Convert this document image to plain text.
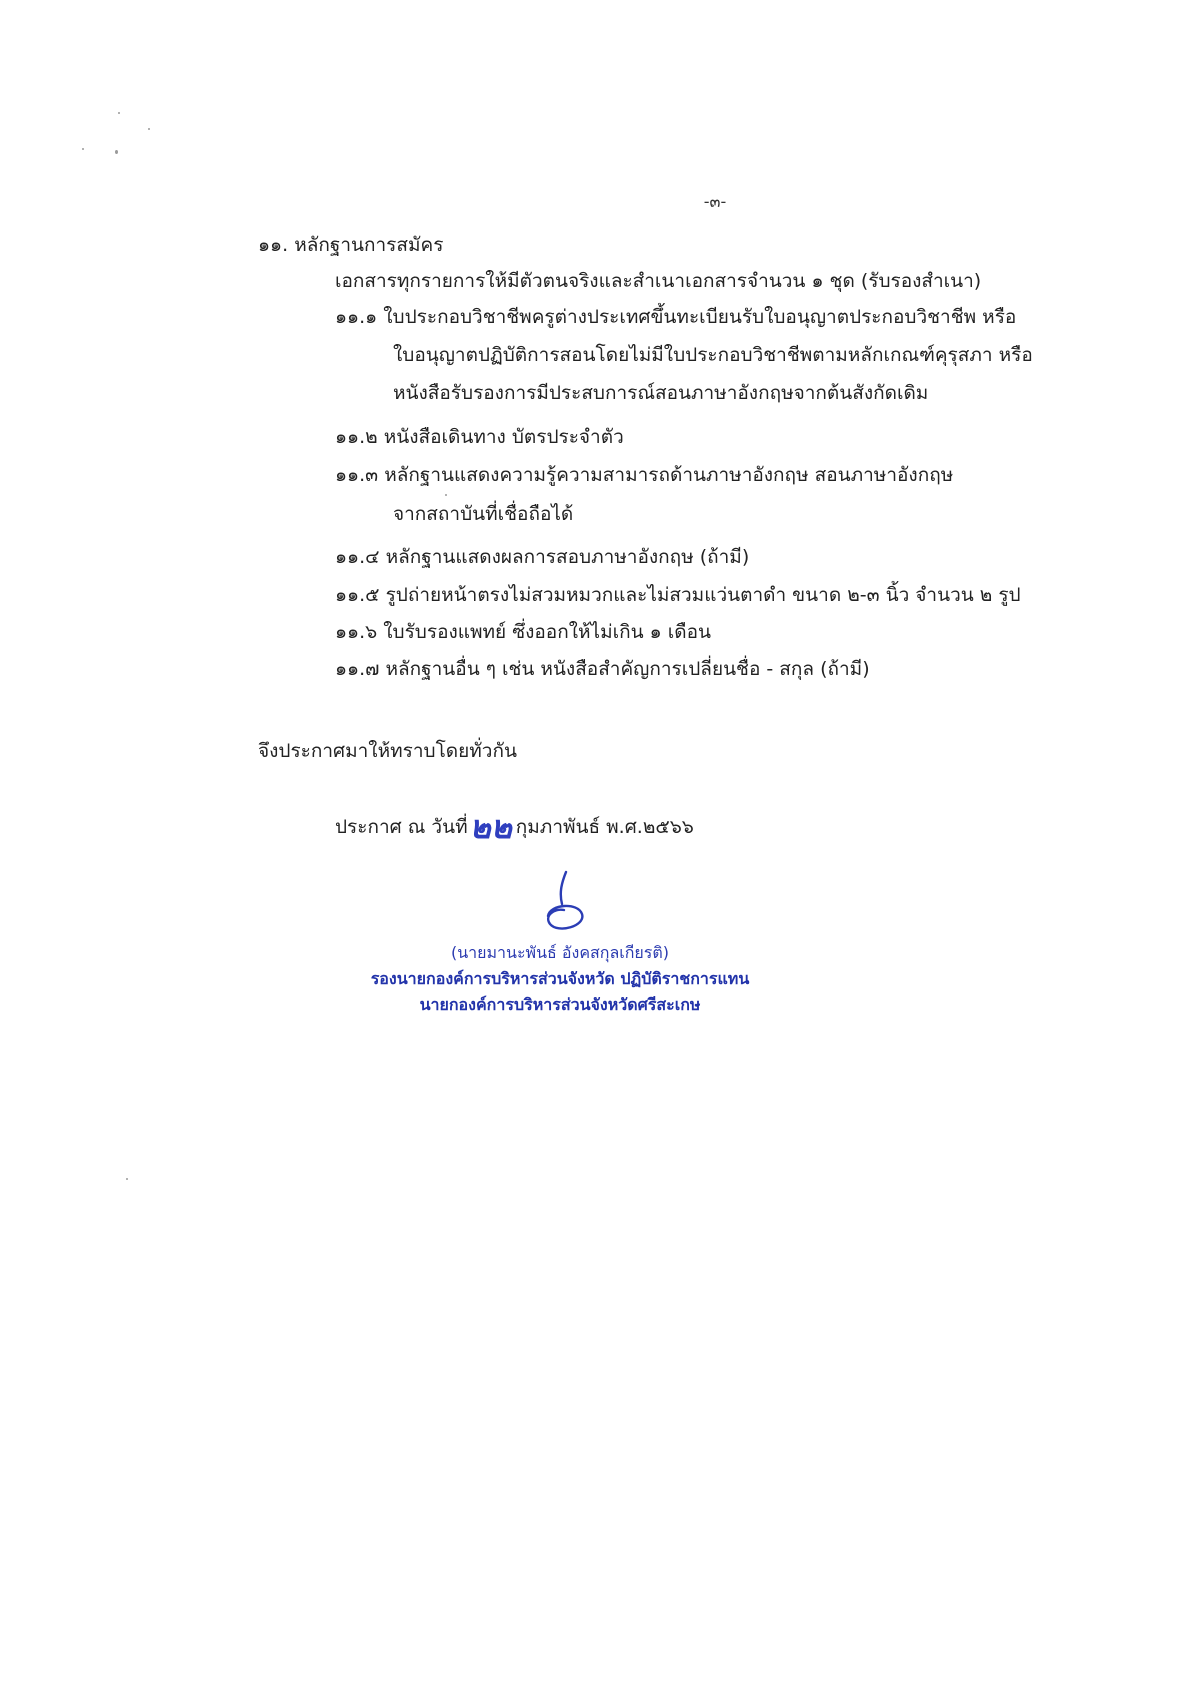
-๓-
๑๑. หลักฐานการสมัคร
เอกสารทุกรายการให้มีตัวตนจริงและสำเนาเอกสารจำนวน ๑ ชุด (รับรองสำเนา)
๑๑.๑ ใบประกอบวิชาชีพครูต่างประเทศขึ้นทะเบียนรับใบอนุญาตประกอบวิชาชีพ หรือ
ใบอนุญาตปฏิบัติการสอนโดยไม่มีใบประกอบวิชาชีพตามหลักเกณฑ์คุรุสภา หรือ
หนังสือรับรองการมีประสบการณ์สอนภาษาอังกฤษจากต้นสังกัดเดิม
๑๑.๒ หนังสือเดินทาง บัตรประจำตัว
๑๑.๓ หลักฐานแสดงความรู้ความสามารถด้านภาษาอังกฤษ สอนภาษาอังกฤษ
จากสถาบันที่เชื่อถือได้
๑๑.๔ หลักฐานแสดงผลการสอบภาษาอังกฤษ (ถ้ามี)
๑๑.๕ รูปถ่ายหน้าตรงไม่สวมหมวกและไม่สวมแว่นตาดำ ขนาด ๒-๓ นิ้ว จำนวน ๒ รูป
๑๑.๖ ใบรับรองแพทย์ ซึ่งออกให้ไม่เกิน ๑ เดือน
๑๑.๗ หลักฐานอื่น ๆ เช่น หนังสือสำคัญการเปลี่ยนชื่อ - สกุล (ถ้ามี)
จึงประกาศมาให้ทราบโดยทั่วกัน
ประกาศ ณ วันที่ ๒๒ กุมภาพันธ์ พ.ศ.๒๕๖๖
(นายมานะพันธ์ อังคสกุลเกียรติ)
รองนายกองค์การบริหารส่วนจังหวัด ปฏิบัติราชการแทน
นายกองค์การบริหารส่วนจังหวัดศรีสะเกษ
